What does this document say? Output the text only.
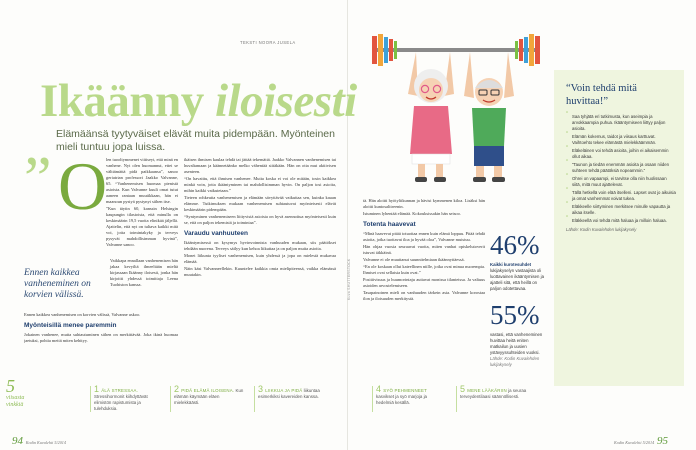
TEKSTI NOORA JUSELA
Ikäänny iloisesti

Elämäänsä tyytyväiset elävät muita pidempään. Myönteinen mieli tuntuu jopa luissa.

” O

len tuooltymmenet viitiseyt, että minä en vanhene. Nyt olen huomannut, ettei se välttämättä pidä paikkaansa”, sanoo geriatrian professori Jaakko Valvanne, 65. “Vanhenemisen huomaa pienistä asioista. Kun Valvanne kuuli omat tutut aaneen rantaan muutikkaan, hän ei maanoun pystyä pystynyt siihen itse.

”Kun täytin 60, kanssin Helsingin kaupungin tilastoista, että minulla on keskimäärin 19,5 vuotta elinikää jäljellä. Ajattelin, että nyt on tultava kaikki mitä voi, jotta toimintakyky ja terveys pysyvät mahdollisimman hyvinä”, Valvanne sanoo.

Vaikkapa ennallaan vanhenemisen hän jakaa kevyiltä ilmeeltään mieltä kirjassaan Ikäänny iloisesti, jonka hän kirjoitti yhdessä toimittaja Leena Tuohiston kanssa.

Ennen kaikkea vanhenemisen on korvien välissä, Valvanne uskoo.

Myönteisillä menee paremmin

Jokainen vanhenee, mutta suhtautuminen siihen on merkittävää. Joka ikinä huomaa jaetuksi, pohtia meitä miten kehityy.

Ennen kaikkea vanheneminen on korvien välissä.

ikäisen ihmisen kaulaa tehdä tai jättää tekemättä. Jaakko Valvannen vanhenemisen tai huvaltamaan ja käännetäänko melko vähentää siitäkään. Hän on otta mut aktiivisen asenteen.

“On havaittu, että ihmisen vanhenee. Mutta koska ei voi ole mitään, tosin kaikkea minkä voin, jotta ikääntyminen tai mahdollisimman hyvin. On paljon tosi asioita, mihin kaikki vaikutetaan.”

Tieteen rohkeutta vanhenemisen ja elämään sävyttävää vaikuttaa sen, kuinka kauan elämme. Tutkimuksen mukaan vanhenemisen suhtautuvat myönteisesti elävät keskimäärin pidempään.

“Syntyminen vanhenemiseen liittyvistä asioista on hyvä asennoitua myönteisesti kuin se, että on paljon tekemistä ja toimintaa”.

Varaudu vanhuuteen

Ikääntymisessä on kysymys hyvinvoinnista vanhuuden mukaan, siis päätökset tehdään nuorena. Terveys säilyy kun kehoa liikuttaa ja on paljon muita asioita.

Monet liikunta tyyliset vanhenemisen, kuin yhdessä ja jopa on mielestä mukavaa elämää.

Näin käsi Valvanneellekin. Kuuntelee kaikkia omia mielipiteensä, vaikka elämässä muutakin.

tä. Hän aloitti hyötyliikunnan ja hävisi kymmenen kiloa. Lisäksi hän aloitti kuntosalitreenin.

Istuminen lyhentää elämää. Kokouksissakin hän seisoo.

Totenta haavevat

“Minä haavevat pitää totuottaa ennen kuin elämä loppuu. Pitää tehdä asioita, jotka tuottavat iloa ja hyvää oloa”, Valvanne muistuu.

Hän ohjaa vuosia seuraavat vuotta, miten vanhat opiskelutoverit istuvat iäkkäinä.

Valvanne ei ole muuttanut suunnitelmiaan ikäännyttäessä.

“En ole koskaan ollut kateellinen niille, jotka ovat minua nuorempia. Ihmiset ovat sellaisia kuin ovat.”

Positiivisuus ja huumorintaju auttavat monissa tilanteissa. Ja valtuus asioiden arvostelemiseen.

Tasapainoinen mieli on vanhuuden tärkein asia. Valvanne korostaa ilon ja iloisuuden merkitystä.

Kuva SHUTTERSTOCK
46%
Kaikki kurotesuhdet lukijakyselyn vastaajista oli luottavainen ikääntymisen ja ajatteli sitä, että heillä on paljon odotettavaa.
55%
vastasi, että vanheneminen huvittaa heitä eniten matkailun ja uusien ystävyyssuhteiden vuoksi.
Lähde: Kodin Kuvalehden lukijakysely
“Voin tehdä mitä huvittaa!”
” Saa tyhjätä eri tutkimusta, kun aseimpia ja arvokkaampia puhua. Ikääntymiseen liittyy paljon asioita.
” Elämän kokemus, taidot ja viisaus karttuvat. Vaihtoehto tekee elämästä mielekkäämmän.
” Eläkeläinen voi tehdä asioita, joihin ei aikaisemmin ollut aikaa.
” “Taunon ja tiedän enemmän asioita ja osaan niiden suhteen tehdä päätöksiä nopeammin.”
” Ohrei on vapaampi, ei tarvitse olla niin huolissaan siitä, mitä muut ajattelevat.
” Tällä hetkellä voin elää itselleni. Lapset ovat jo aikuisia ja omat vanhemmat voivat tukea.
” Eläkkeelle siirtyminen merkitsee minulle vapautta ja aikaa itselle.
” Eläkkeellä voi tehdä mitä haluaa ja milloin haluaa.
Lähde: Kodin Kuvalehden lukijakysely
5
viisasta vinkkiä
1 ÄLÄ STRESSAA. Stressihormonit kiihdyttävät elimistön rapistumista ja tulehduksia.
2 PIDÄ ELÄMÄ ILOISENA. Kun elämän käymään eläen mielekkäästi.
3 LIIKKUA JA PIDÄ liikuntaa esimerkiksi kavereiden kanssa.
4 SYÖ PEHMENNEET kasvikset ja syö marjoja ja hedelmiä kesällä.
5 MENE LÄÄKÄRIIN ja seuraa terveydentilaasi säännöllisesti.
94 Kodin Kuvalehti 5/2014	Kodin Kuvalehti 5/2014 95
